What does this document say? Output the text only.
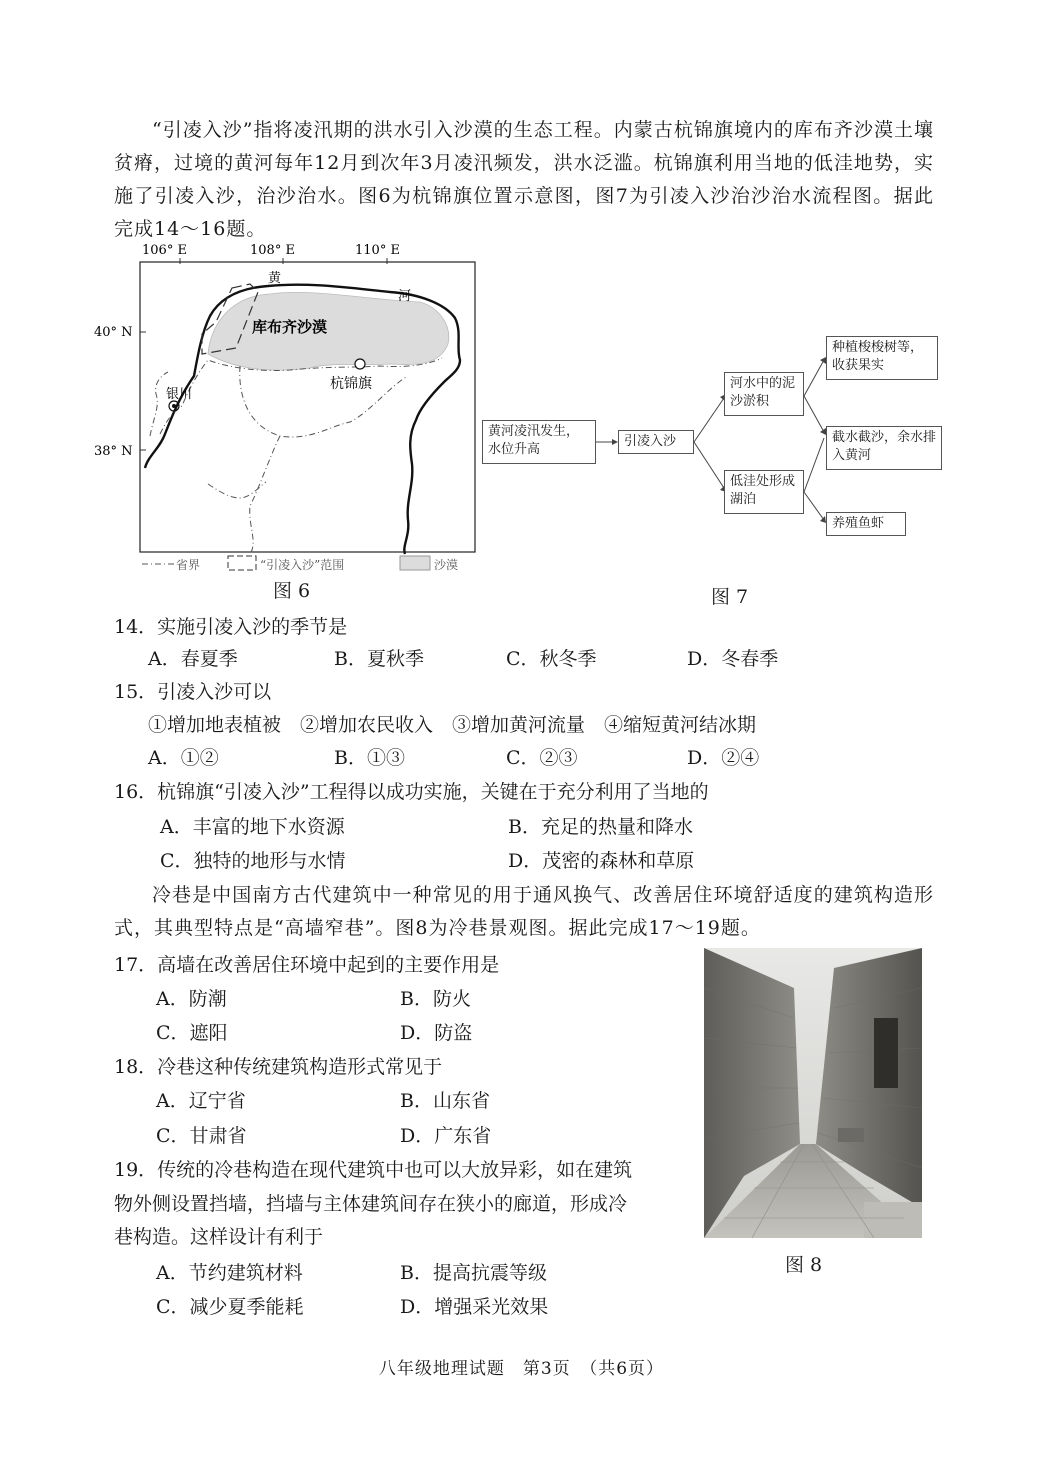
“引凌入沙”指将凌汛期的洪水引入沙漠的生态工程。内蒙古杭锦旗境内的库布齐沙漠土壤贫瘠，过境的黄河每年12月到次年3月凌汛频发，洪水泛滥。杭锦旗利用当地的低洼地势，实施了引凌入沙，治沙治水。图6为杭锦旗位置示意图，图7为引凌入沙治沙治水流程图。据此完成14～16题。
106° E	108° E	110° E
40° N
38° N
黄
河
库布齐沙漠
银川
杭锦旗
省界	“引凌入沙”范围	沙漠
图 6
黄河凌汛发生，水位升高
引凌入沙
河水中的泥沙淤积
低洼处形成湖泊
种植梭梭树等，收获果实
截水截沙，余水排入黄河
养殖鱼虾
图 7
14．实施引凌入沙的季节是
A．春夏季	B．夏秋季	C．秋冬季	D．冬春季
15．引凌入沙可以
①增加地表植被　②增加农民收入　③增加黄河流量　④缩短黄河结冰期
A．①②	B．①③	C．②③	D．②④
16．杭锦旗“引凌入沙”工程得以成功实施，关键在于充分利用了当地的
A．丰富的地下水资源	B．充足的热量和降水
C．独特的地形与水情	D．茂密的森林和草原
冷巷是中国南方古代建筑中一种常见的用于通风换气、改善居住环境舒适度的建筑构造形式，其典型特点是“高墙窄巷”。图8为冷巷景观图。据此完成17～19题。
17．高墙在改善居住环境中起到的主要作用是
A．防潮	B．防火
C．遮阳	D．防盗
18．冷巷这种传统建筑构造形式常见于
A．辽宁省	B．山东省
C．甘肃省	D．广东省
19．传统的冷巷构造在现代建筑中也可以大放异彩，如在建筑
物外侧设置挡墙，挡墙与主体建筑间存在狭小的廊道，形成冷
巷构造。这样设计有利于
A．节约建筑材料	B．提高抗震等级
C．减少夏季能耗	D．增强采光效果
图 8
八年级地理试题　第3页　（共6页）
